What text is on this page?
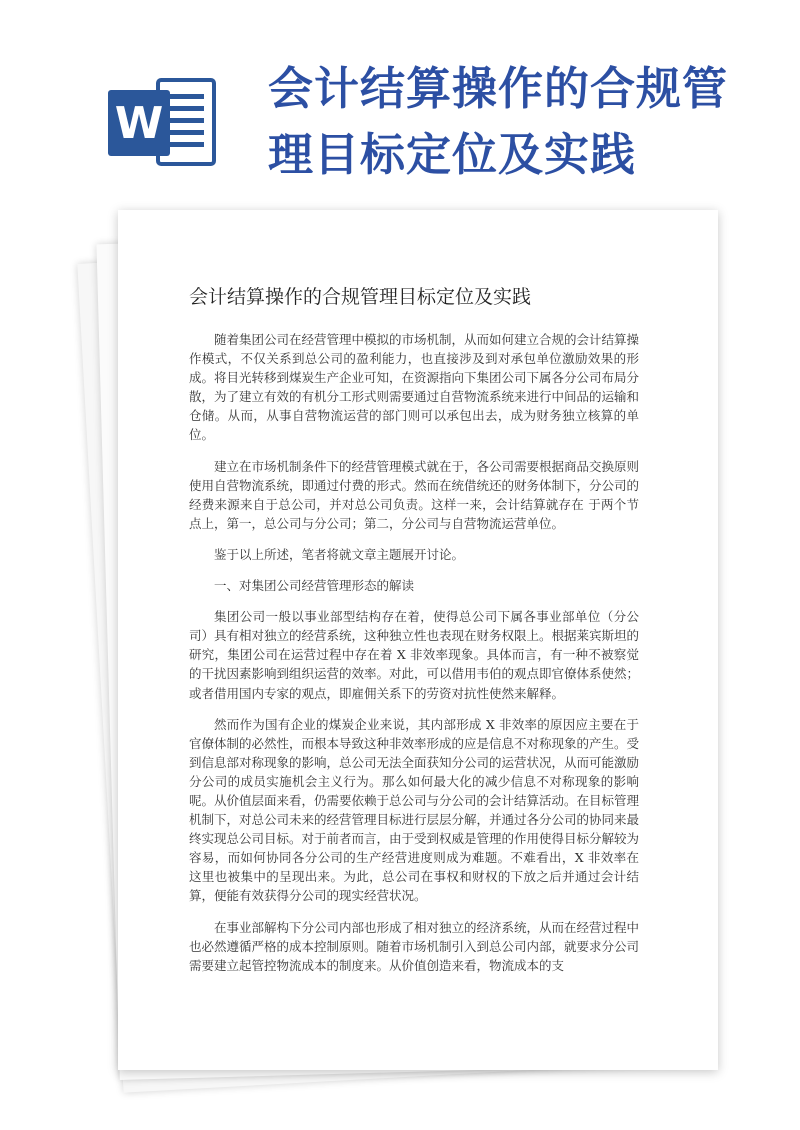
W
会计结算操作的合规管
理目标定位及实践
会计结算操作的合规管理目标定位及实践

随着集团公司在经营管理中模拟的市场机制，从而如何建立合规的会计结算操作模式，不仅关系到总公司的盈利能力，也直接涉及到对承包单位激励效果的形成。将目光转移到煤炭生产企业可知，在资源指向下集团公司下属各分公司布局分散，为了建立有效的有机分工形式则需要通过自营物流系统来进行中间品的运输和仓储。从而，从事自营物流运营的部门则可以承包出去，成为财务独立核算的单位。

建立在市场机制条件下的经营管理模式就在于，各公司需要根据商品交换原则使用自营物流系统，即通过付费的形式。然而在统借统还的财务体制下，分公司的经费来源来自于总公司，并对总公司负责。这样一来，会计结算就存在 于两个节点上，第一，总公司与分公司；第二，分公司与自营物流运营单位。

鉴于以上所述，笔者将就文章主题展开讨论。

一、对集团公司经营管理形态的解读

集团公司一般以事业部型结构存在着，使得总公司下属各事业部单位（分公司）具有相对独立的经营系统，这种独立性也表现在财务权限上。根据莱宾斯坦的研究，集团公司在运营过程中存在着 X 非效率现象。具体而言，有一种不被察觉的干扰因素影响到组织运营的效率。对此，可以借用韦伯的观点即官僚体系使然；或者借用国内专家的观点，即雇佣关系下的劳资对抗性使然来解释。

然而作为国有企业的煤炭企业来说，其内部形成 X 非效率的原因应主要在于官僚体制的必然性，而根本导致这种非效率形成的应是信息不对称现象的产生。受到信息部对称现象的影响，总公司无法全面获知分公司的运营状况，从而可能激励分公司的成员实施机会主义行为。那么如何最大化的减少信息不对称现象的影响呢。从价值层面来看，仍需要依赖于总公司与分公司的会计结算活动。在目标管理机制下，对总公司未来的经营管理目标进行层层分解，并通过各分公司的协同来最终实现总公司目标。对于前者而言，由于受到权威是管理的作用使得目标分解较为容易，而如何协同各分公司的生产经营进度则成为难题。不难看出，X 非效率在这里也被集中的呈现出来。为此，总公司在事权和财权的下放之后并通过会计结算，便能有效获得分公司的现实经营状况。

在事业部解构下分公司内部也形成了相对独立的经济系统，从而在经营过程中也必然遵循严格的成本控制原则。随着市场机制引入到总公司内部，就要求分公司需要建立起管控物流成本的制度来。从价值创造来看，物流成本的支
